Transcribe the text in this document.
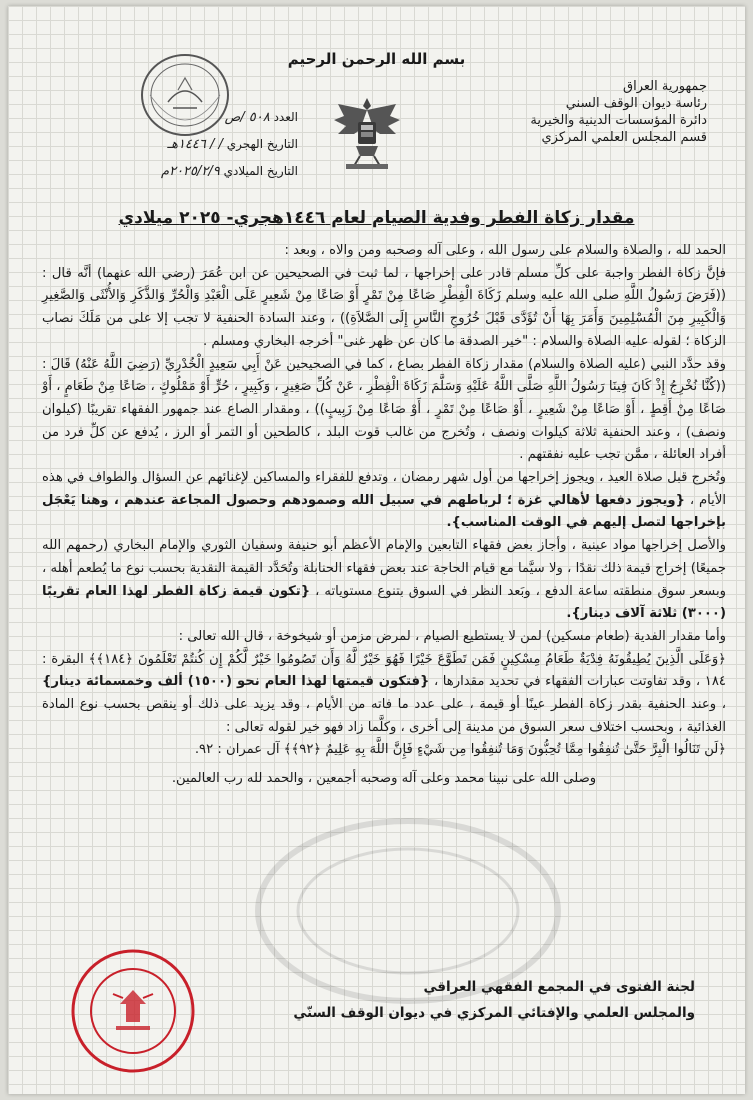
بسم الله الرحمن الرحيم
جمهورية العراق
رئاسة ديوان الوقف السني
دائرة المؤسسات الدينية والخيرية
قسم المجلس العلمي المركزي
العدد ٥٠٨ /ص
التاريخ الهجري / / ١٤٤٦هـ
التاريخ الميلادي ٢٠٢٥/٢/٩م
مقدار زكاة الفطر وفدية الصيام لعام ١٤٤٦هجري- ٢٠٢٥ ميلادي

الحمد لله ، والصلاة والسلام على رسول الله ، وعلى آله وصحبه ومن والاه ، وبعد :

فإنَّ زكاة الفطر واجبة على كلِّ مسلم قادر على إخراجها ، لما ثبت في الصحيحين عن ابن عُمَرَ (رضي الله عنهما) أنَّه قال : ((فَرَضَ رَسُولُ اللَّهِ صلى الله عليه وسلم زَكَاةَ الْفِطْرِ صَاعًا مِنْ تَمْرٍ أَوْ صَاعًا مِنْ شَعِيرٍ عَلَى الْعَبْدِ وَالْحُرِّ وَالذَّكَرِ وَالأُنْثَى وَالصَّغِيرِ وَالْكَبِيرِ مِنَ الْمُسْلِمِينَ وَأَمَرَ بِهَا أَنْ تُؤَدَّى قَبْلَ خُرُوجِ النَّاسِ إِلَى الصَّلاَةِ)) ، وعند السادة الحنفية لا تجب إلا على من مَلَكَ نصاب الزكاة ؛ لقوله عليه الصلاة والسلام : "خير الصدقة ما كان عن ظهر غنى" أخرجه البخاري ومسلم .

وقد حدَّد النبي (عليه الصلاة والسلام) مقدار زكاة الفطر بصاع ، كما في الصحيحين عَنْ أَبِي سَعِيدٍ الْخُدْرِيِّ (رَضِيَ اللَّهُ عَنْهُ) قَالَ : ((كُنَّا نُخْرِجُ إِذْ كَانَ فِينَا رَسُولُ اللَّهِ صَلَّى اللَّهُ عَلَيْهِ وَسَلَّمَ زَكَاةَ الْفِطْرِ ، عَنْ كُلِّ صَغِيرٍ ، وَكَبِيرٍ ، حُرٍّ أَوْ مَمْلُوكٍ ، صَاعًا مِنْ طَعَامٍ ، أَوْ صَاعًا مِنْ أَقِطٍ ، أَوْ صَاعًا مِنْ شَعِيرٍ ، أَوْ صَاعًا مِنْ تَمْرٍ ، أَوْ صَاعًا مِنْ زَبِيبٍ)) ، ومقدار الصاع عند جمهور الفقهاء تقريبًا (كيلوان ونصف) ، وعند الحنفية ثلاثة كيلوات ونصف ، وتُخرج من غالب قوت البلد ، كالطحين أو التمر أو الرز ، يُدفع عن كلِّ فرد من أفراد العائلة ، ممَّن تجب عليه نفقتهم .

وتُخرج قبل صلاة العيد ، ويجوز إخراجها من أول شهر رمضان ، وتدفع للفقراء والمساكين لإغنائهم عن السؤال والطواف في هذه الأيام ، {ويجوز دفعها لأهالي غزة ؛ لرباطهم في سبيل الله وصمودهم وحصول المجاعة عندهم ، وهنا يَعْجَل بإخراجها لتصل إليهم في الوقت المناسب}.

والأصل إخراجها مواد عينية ، وأجاز بعض فقهاء التابعين والإمام الأعظم أبو حنيفة وسفيان الثوري والإمام البخاري (رحمهم الله جميعًا) إخراج قيمة ذلك نقدًا ، ولا سيَّما مع قيام الحاجة عند بعض فقهاء الحنابلة وتُحَدَّد القيمة النقدية بحسب نوع ما يُطعم أهله ، وبسعر سوق منطقته ساعة الدفع ، وبَعد النظر في السوق بتنوع مستوياته ، {تكون قيمة زكاة الفطر لهذا العام تقريبًا (٣٠٠٠) ثلاثة آلاف دينار}.

وأما مقدار الفدية (طعام مسكين) لمن لا يستطيع الصيام ، لمرض مزمن أو شيخوخة ، قال الله تعالى :

﴿وَعَلَى الَّذِينَ يُطِيقُونَهُ فِدْيَةٌ طَعَامُ مِسْكِينٍ فَمَن تَطَوَّعَ خَيْرًا فَهُوَ خَيْرٌ لَّهُ وَأَن تَصُومُوا خَيْرٌ لَّكُمْ إِن كُنتُمْ تَعْلَمُونَ ﴿١٨٤﴾﴾ البقرة : ١٨٤ ، وقد تفاوتت عبارات الفقهاء في تحديد مقدارها ، {فتكون قيمتها لهذا العام نحو (١٥٠٠) ألف وخمسمائة دينار} ، وعند الحنفية بقدر زكاة الفطر عينًا أو قيمة ، على عدد ما فاته من الأيام ، وقد يزيد على ذلك أو ينقص بحسب نوع المادة الغذائية ، وبحسب اختلاف سعر السوق من مدينة إلى أخرى ، وكلَّما زاد فهو خير لقوله تعالى :

﴿لَن تَنَالُوا الْبِرَّ حَتَّىٰ تُنفِقُوا مِمَّا تُحِبُّونَ وَمَا تُنفِقُوا مِن شَيْءٍ فَإِنَّ اللَّهَ بِهِ عَلِيمٌ ﴿٩٢﴾﴾ آل عمران : ٩٢.

وصلى الله على نبينا محمد وعلى آله وصحبه أجمعين ، والحمد لله رب العالمين.

لجنة الفتوى في المجمع الفقهي العراقي
والمجلس العلمي والإفتائي المركزي في ديوان الوقف السنّي
